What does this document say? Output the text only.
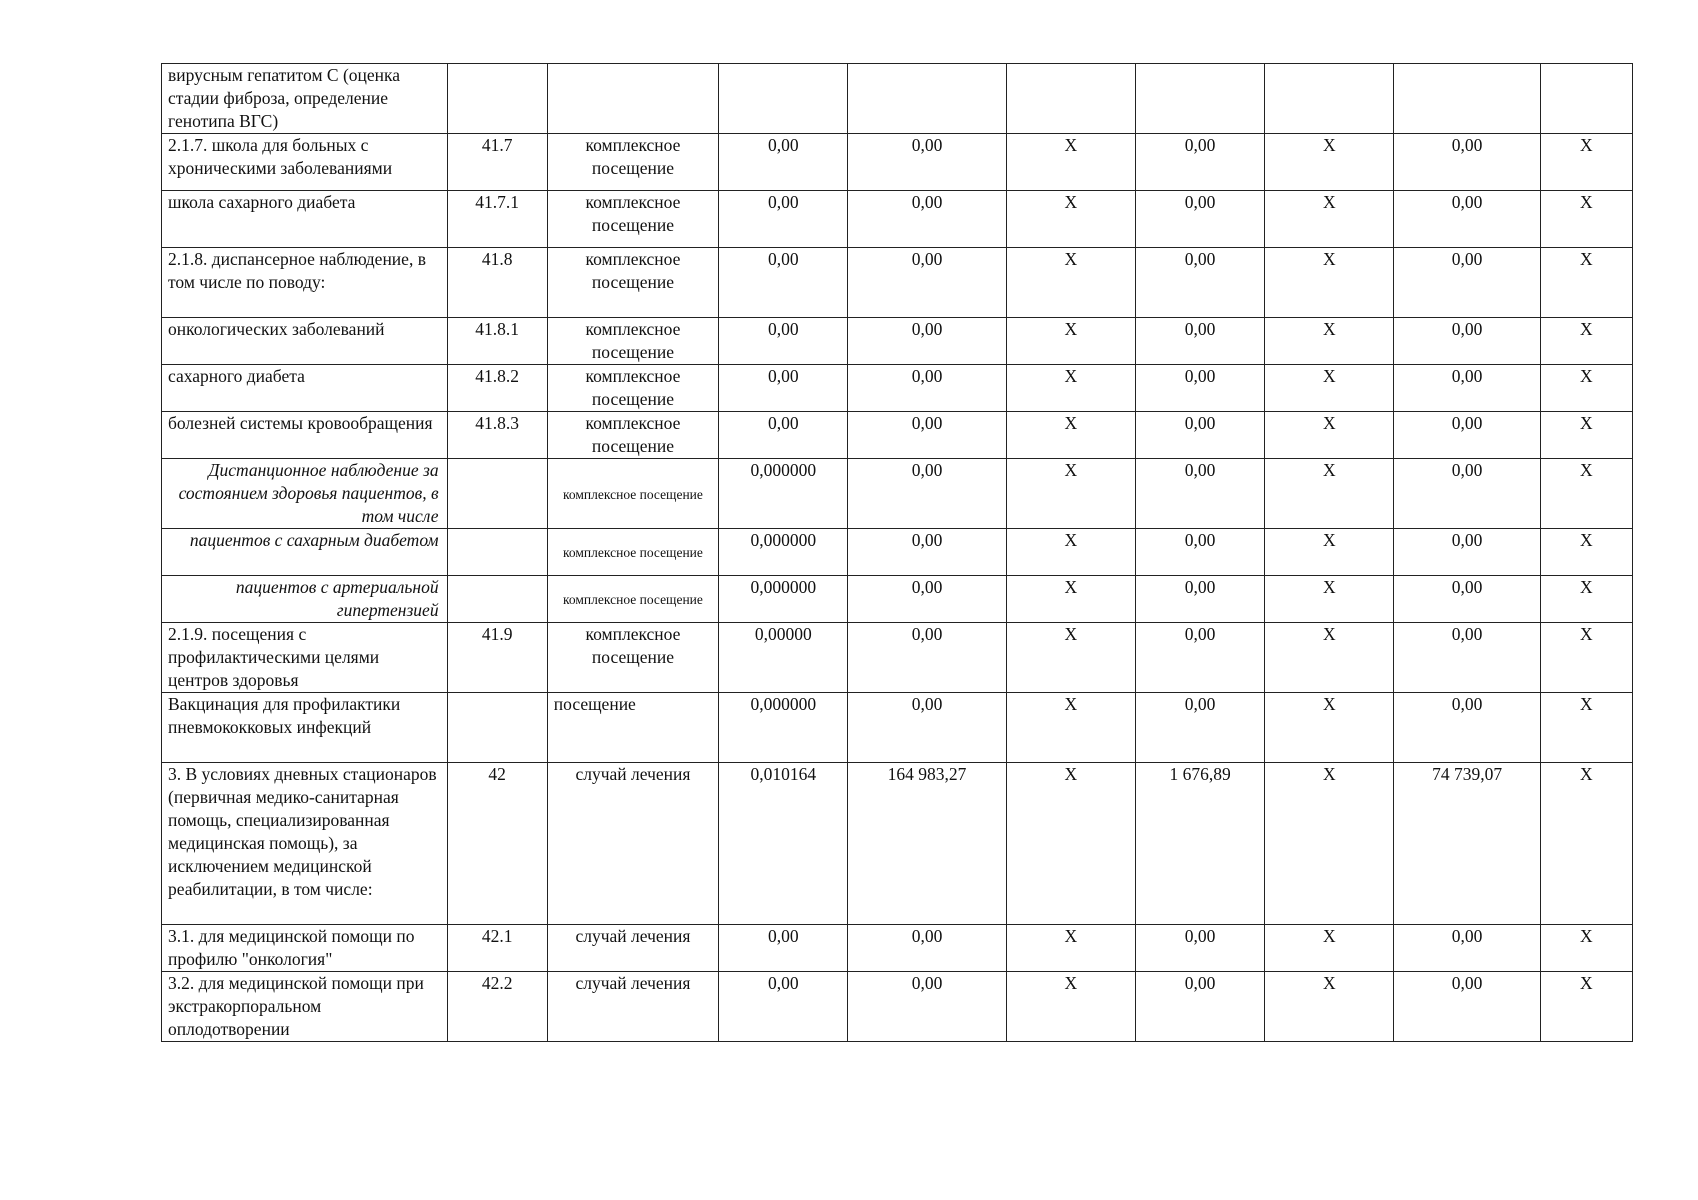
вирусным гепатитом С (оценка стадии фиброза, определение генотипа ВГС)									
2.1.7. школа для больных с хроническими заболеваниями	41.7	комплексное посещение	0,00	0,00	X	0,00	X	0,00	X
школа сахарного диабета	41.7.1	комплексное посещение	0,00	0,00	X	0,00	X	0,00	X
2.1.8. диспансерное наблюдение, в том числе по поводу:	41.8	комплексное посещение	0,00	0,00	X	0,00	X	0,00	X
онкологических заболеваний	41.8.1	комплексное посещение	0,00	0,00	X	0,00	X	0,00	X
сахарного диабета	41.8.2	комплексное посещение	0,00	0,00	X	0,00	X	0,00	X
болезней системы кровообращения	41.8.3	комплексное посещение	0,00	0,00	X	0,00	X	0,00	X
Дистанционное наблюдение за состоянием здоровья пациентов, в том числе		комплексное посещение	0,000000	0,00	X	0,00	X	0,00	X
пациентов с сахарным диабетом		комплексное посещение	0,000000	0,00	X	0,00	X	0,00	X
пациентов с артериальной гипертензией		комплексное посещение	0,000000	0,00	X	0,00	X	0,00	X
2.1.9. посещения с профилактическими целями центров здоровья	41.9	комплексное посещение	0,00000	0,00	X	0,00	X	0,00	X
Вакцинация для профилактики пневмококковых инфекций		посещение	0,000000	0,00	X	0,00	X	0,00	X
3. В условиях дневных стационаров (первичная медико-санитарная помощь, специализированная медицинская помощь), за исключением медицинской реабилитации, в том числе:	42	случай лечения	0,010164	164 983,27	X	1 676,89	X	74 739,07	X
3.1. для медицинской помощи по профилю "онкология"	42.1	случай лечения	0,00	0,00	X	0,00	X	0,00	X
3.2. для медицинской помощи при экстракорпоральном оплодотворении	42.2	случай лечения	0,00	0,00	X	0,00	X	0,00	X
